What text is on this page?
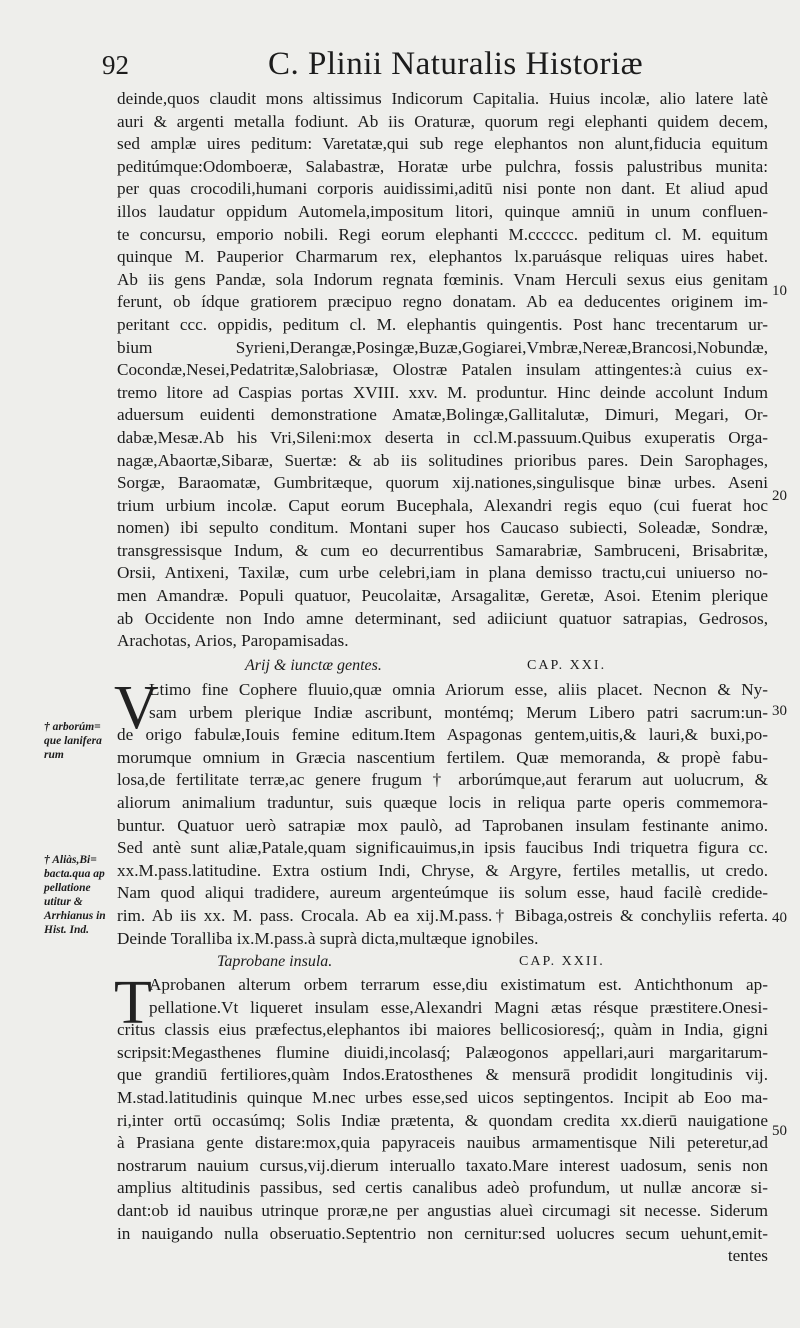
92	C. Plinii Naturalis Historiæ
deinde,quos claudit mons altissimus Indicorum Capitalia. Huius incolæ, alio latere latè
auri & argenti metalla fodiunt. Ab iis Oraturæ, quorum regi elephanti quidem decem,
sed amplæ uires peditum: Varetatæ,qui sub rege elephantos non alunt,fiducia equitum
peditúmque:Odomboeræ, Salabastræ, Horatæ urbe pulchra, fossis palustribus munita:
per quas crocodili,humani corporis auidissimi,aditū nisi ponte non dant. Et aliud apud
illos laudatur oppidum Automela,impositum litori, quinque amniū in unum confluen-
te concursu, emporio nobili. Regi eorum elephanti M.cccccc. peditum cl. M. equitum
quinque M. Pauperior Charmarum rex, elephantos lx.paruásque reliquas uires habet.
Ab iis gens Pandæ, sola Indorum regnata fœminis. Vnam Herculi sexus eius genitam
ferunt, ob ídque gratiorem præcipuo regno donatam. Ab ea deducentes originem im-
peritant ccc. oppidis, peditum cl. M. elephantis quingentis. Post hanc trecentarum ur-
bium Syrieni,Derangæ,Posingæ,Buzæ,Gogiarei,Vmbræ,Nereæ,Brancosi,Nobundæ,
Cocondæ,Nesei,Pedatritæ,Salobriasæ, Olostræ Patalen insulam attingentes:à cuius ex-
tremo litore ad Caspias portas XVIII. xxv. M. produntur. Hinc deinde accolunt Indum
aduersum euidenti demonstratione Amatæ,Bolingæ,Gallitalutæ, Dimuri, Megari, Or-
dabæ,Mesæ.Ab his Vri,Sileni:mox deserta in ccl.M.passuum.Quibus exuperatis Orga-
nagæ,Abaortæ,Sibaræ, Suertæ: & ab iis solitudines prioribus pares. Dein Sarophages,
Sorgæ, Baraomatæ, Gumbritæque, quorum xij.nationes,singulisque binæ urbes. Aseni
trium urbium incolæ. Caput eorum Bucephala, Alexandri regis equo (cui fuerat hoc
nomen) ibi sepulto conditum. Montani super hos Caucaso subiecti, Soleadæ, Sondræ,
transgressisque Indum, & cum eo decurrentibus Samarabriæ, Sambruceni, Brisabritæ,
Orsii, Antixeni, Taxilæ, cum urbe celebri,iam in plana demisso tractu,cui uniuerso no-
men Amandræ. Populi quatuor, Peucolaitæ, Arsagalitæ, Geretæ, Asoi. Etenim plerique
ab Occidente non Indo amne determinant, sed adiiciunt quatuor satrapias, Gedrosos,
Arachotas, Arios, Paropamisadas.
Arij & iunctæ gentes.	CAP. XXI.
V
Ltimo fine Cophere fluuio,quæ omnia Ariorum esse, aliis placet. Necnon & Ny-
sam urbem plerique Indiæ ascribunt, montémq; Merum Libero patri sacrum:un-
de origo fabulæ,Iouis femine editum.Item Aspagonas gentem,uitis,& lauri,& buxi,po-
morumque omnium in Græcia nascentium fertilem. Quæ memoranda, & propè fabu-
losa,de fertilitate terræ,ac genere frugum † arborúmque,aut ferarum aut uolucrum, &
aliorum animalium traduntur, suis quæque locis in reliqua parte operis commemora-
buntur. Quatuor uerò satrapiæ mox paulò, ad Taprobanen insulam festinante animo.
Sed antè sunt aliæ,Patale,quam significauimus,in ipsis faucibus Indi triquetra figura cc.
xx.M.pass.latitudine. Extra ostium Indi, Chryse, & Argyre, fertiles metallis, ut credo.
Nam quod aliqui tradidere, aureum argenteúmque iis solum esse, haud facilè credide-
rim. Ab iis xx. M. pass. Crocala. Ab ea xij.M.pass.† Bibaga,ostreis & conchyliis referta.
Deinde Toralliba ix.M.pass.à suprà dicta,multæque ignobiles.
Taprobane insula.	CAP. XXII.
T
Aprobanen alterum orbem terrarum esse,diu existimatum est. Antichthonum ap-
pellatione.Vt liqueret insulam esse,Alexandri Magni ætas résque præstitere.Onesi-
critus classis eius præfectus,elephantos ibi maiores bellicosioresq́;, quàm in India, gigni
scripsit:Megasthenes flumine diuidi,incolasq́; Palæogonos appellari,auri margaritarum-
que grandiū fertiliores,quàm Indos.Eratosthenes & mensurā prodidit longitudinis vij.
M.stad.latitudinis quinque M.nec urbes esse,sed uicos septingentos. Incipit ab Eoo ma-
ri,inter ortū occasúmq; Solis Indiæ prætenta, & quondam credita xx.dierū nauigatione
à Prasiana gente distare:mox,quia papyraceis nauibus armamentisque Nili peteretur,ad
nostrarum nauium cursus,vij.dierum interuallo taxato.Mare interest uadosum, senis non
amplius altitudinis passibus, sed certis canalibus adeò profundum, ut nullæ ancoræ si-
dant:ob id nauibus utrinque proræ,ne per angustias alueì circumagi sit necesse. Siderum
in nauigando nulla obseruatio.Septentrio non cernitur:sed uolucres secum uehunt,emit-
tentes
10
20
30
40
50
† arborúm= que lanifera rum
† Aliàs,Bi= bacta.qua ap pellatione utitur & Arrhianus in Hist. Ind.
